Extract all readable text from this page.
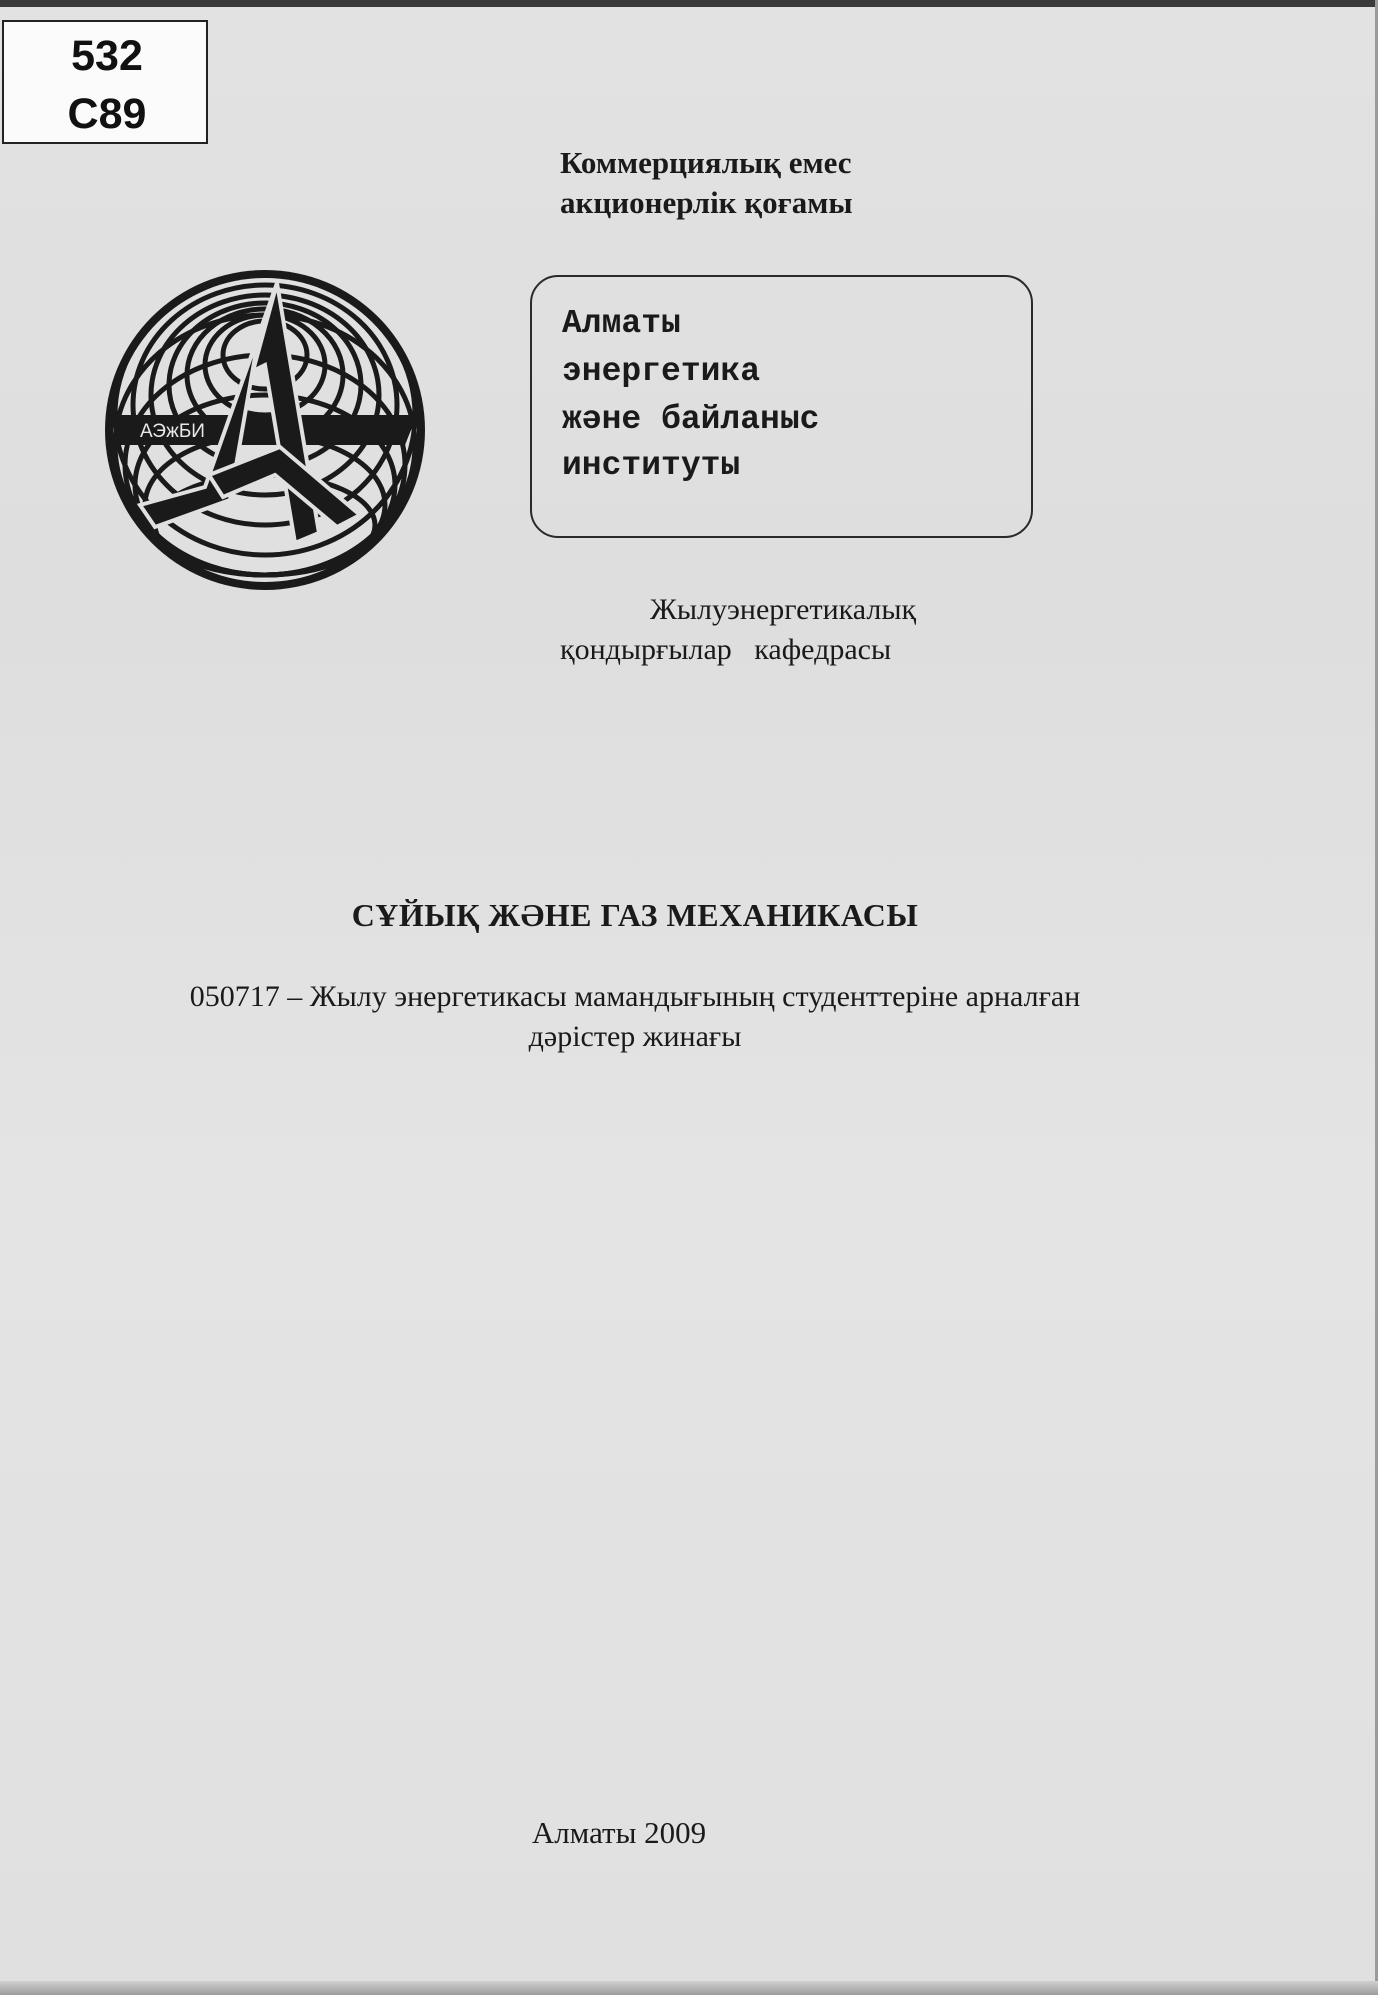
532
C89
Коммерциялық емес
акционерлік қоғамы
АЭжБИ
Алматы
энергетика
және байланыс
институты
Жылуэнергетикалық
қондырғылар   кафедрасы
СҰЙЫҚ ЖӘНЕ ГАЗ МЕХАНИКАСЫ
050717 – Жылу энергетикасы мамандығының студенттеріне арналған
дәрістер жинағы
Алматы 2009
